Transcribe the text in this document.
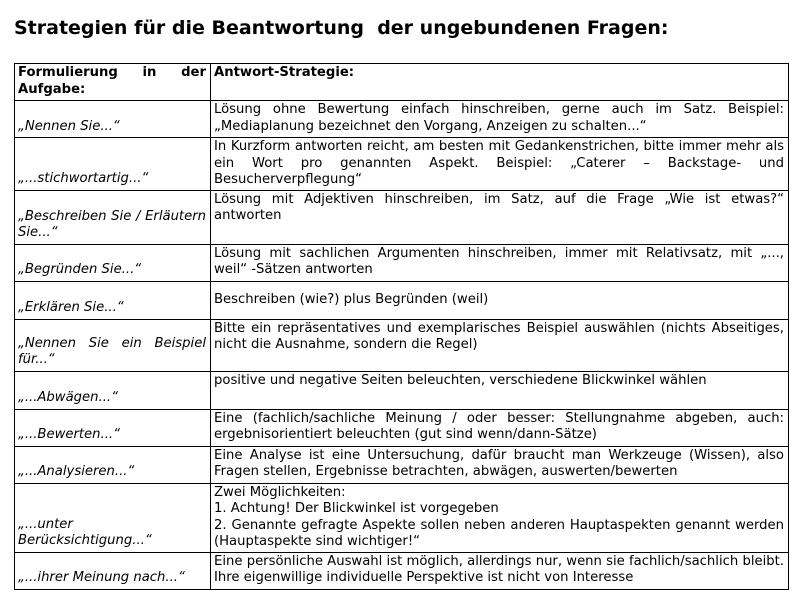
Strategien für die Beantwortung  der ungebundenen Fragen:
Formulierung in der Aufgabe:	Antwort-Strategie:
„Nennen Sie...“	Lösung ohne Bewertung einfach hinschreiben, gerne auch im Satz. Beispiel: „Mediaplanung bezeichnet den Vorgang, Anzeigen zu schalten...“
„...stichwortartig...“	In Kurzform antworten reicht, am besten mit Gedankenstrichen, bitte immer mehr als ein Wort pro genannten Aspekt. Beispiel: „Caterer – Backstage- und Besucherverpflegung“
„Beschreiben Sie / Erläutern Sie...“	Lösung mit Adjektiven hinschreiben, im Satz, auf die Frage „Wie ist etwas?“ antworten
„Begründen Sie...“	Lösung mit sachlichen Argumenten hinschreiben, immer mit Relativsatz, mit „..., weil“ -Sätzen antworten
„Erklären Sie...“	Beschreiben (wie?) plus Begründen (weil)
„Nennen Sie ein Beispiel für...“	Bitte ein repräsentatives und exemplarisches Beispiel auswählen (nichts Abseitiges, nicht die Ausnahme, sondern die Regel)
„...Abwägen...“	positive und negative Seiten beleuchten, verschiedene Blickwinkel wählen
„...Bewerten...“	Eine (fachlich/sachliche Meinung / oder besser: Stellungnahme abgeben, auch: ergebnisorientiert beleuchten (gut sind wenn/dann-Sätze)
„...Analysieren...“	Eine Analyse ist eine Untersuchung, dafür braucht man Werkzeuge (Wissen), also Fragen stellen, Ergebnisse betrachten, abwägen, auswerten/bewerten
„...unter Berücksichtigung...“	Zwei Möglichkeiten:
1. Achtung! Der Blickwinkel ist vorgegeben
2. Genannte gefragte Aspekte sollen neben anderen Hauptaspekten genannt werden (Hauptaspekte sind wichtiger!“

„...ihrer Meinung nach...“	Eine persönliche Auswahl ist möglich, allerdings nur, wenn sie fachlich/sachlich bleibt. Ihre eigenwillige individuelle Perspektive ist nicht von Interesse
